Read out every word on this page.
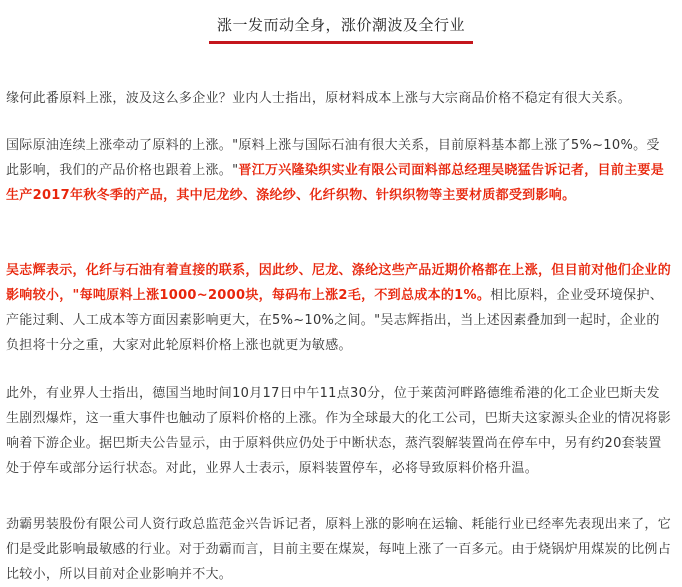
涨一发而动全身，涨价潮波及全行业

缘何此番原料上涨，波及这么多企业？业内人士指出，原材料成本上涨与大宗商品价格不稳定有很大关系。

国际原油连续上涨牵动了原料的上涨。"原料上涨与国际石油有很大关系，目前原料基本都上涨了5%~10%。受此影响，我们的产品价格也跟着上涨。"晋江万兴隆染织实业有限公司面料部总经理吴晓猛告诉记者，目前主要是生产2017年秋冬季的产品，其中尼龙纱、涤纶纱、化纤织物、针织织物等主要材质都受到影响。

吴志辉表示，化纤与石油有着直接的联系，因此纱、尼龙、涤纶这些产品近期价格都在上涨，但目前对他们企业的影响较小，"每吨原料上涨1000~2000块，每码布上涨2毛，不到总成本的1%。相比原料，企业受环境保护、产能过剩、人工成本等方面因素影响更大，在5%~10%之间。"吴志辉指出，当上述因素叠加到一起时，企业的负担将十分之重，大家对此轮原料价格上涨也就更为敏感。

此外，有业界人士指出，德国当地时间10月17日中午11点30分，位于莱茵河畔路德维希港的化工企业巴斯夫发生剧烈爆炸，这一重大事件也触动了原料价格的上涨。作为全球最大的化工公司，巴斯夫这家源头企业的情况将影响着下游企业。据巴斯夫公告显示，由于原料供应仍处于中断状态，蒸汽裂解装置尚在停车中，另有约20套装置处于停车或部分运行状态。对此，业界人士表示，原料装置停车，必将导致原料价格升温。

劲霸男装股份有限公司人资行政总监范金兴告诉记者，原料上涨的影响在运输、耗能行业已经率先表现出来了，它们是受此影响最敏感的行业。对于劲霸而言，目前主要在煤炭，每吨上涨了一百多元。由于烧锅炉用煤炭的比例占比较小，所以目前对企业影响并不大。
